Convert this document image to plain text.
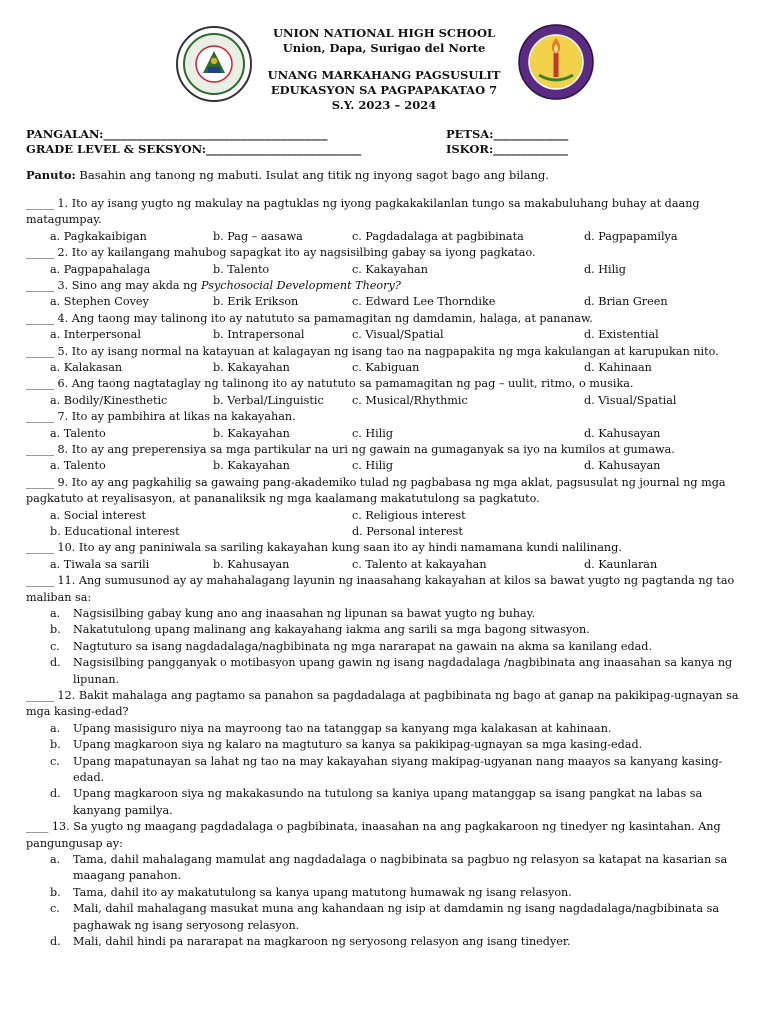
UNION NATIONAL HIGH SCHOOL
Union, Dapa, Surigao del Norte
UNANG MARKAHANG PAGSUSULIT
EDUKASYON SA PAGPAPAKATAO 7
S.Y. 2023 – 2024
PANGALAN:_______________________________________	PETSA:_____________
GRADE LEVEL & SEKSYON:___________________________	ISKOR:_____________
Panuto: Basahin ang tanong ng mabuti. Isulat ang titik ng inyong sagot bago ang bilang.

_____ 1. Ito ay isang yugto ng makulay na pagtuklas ng iyong pagkakakilanlan tungo sa makabuluhang buhay at daang matagumpay.

a. Pagkakaibigan	b. Pag – aasawa	c. Pagdadalaga at pagbibinata	d. Pagpapamilya

_____ 2. Ito ay kailangang mahubog sapagkat ito ay nagsisilbing gabay sa iyong pagkatao.

a. Pagpapahalaga	b. Talento	c. Kakayahan	d. Hilig

_____ 3. Sino ang may akda ng Psychosocial Development Theory?

a. Stephen Covey	b. Erik Erikson	c. Edward Lee Thorndike	d. Brian Green

_____ 4. Ang taong may talinong ito ay natututo sa pamamagitan ng damdamin, halaga, at pananaw.

a. Interpersonal	b. Intrapersonal	c. Visual/Spatial	d. Existential

_____ 5. Ito ay isang normal na katayuan at kalagayan ng isang tao na nagpapakita ng mga kakulangan at karupukan nito.

a. Kalakasan	b. Kakayahan	c. Kabiguan	d. Kahinaan

_____ 6. Ang taong nagtataglay ng talinong ito ay natututo sa pamamagitan ng pag – uulit, ritmo, o musika.

a. Bodily/Kinesthetic	b. Verbal/Linguistic	c. Musical/Rhythmic	d. Visual/Spatial

_____ 7. Ito ay pambihira at likas na kakayahan.

a. Talento	b. Kakayahan	c. Hilig	d. Kahusayan

_____ 8. Ito ay ang preperensiya sa mga partikular na uri ng gawain na gumaganyak sa iyo na kumilos at gumawa.

a. Talento	b. Kakayahan	c. Hilig	d. Kahusayan

_____ 9. Ito ay ang pagkahilig sa gawaing pang-akademiko tulad ng pagbabasa ng mga aklat, pagsusulat ng journal ng mga pagkatuto at reyalisasyon, at pananaliksik ng mga kaalamang makatutulong sa pagkatuto.

a. Social interest	c. Religious interest
b. Educational interest	d. Personal interest

_____ 10. Ito ay ang paniniwala sa sariling kakayahan kung saan ito ay hindi namamana kundi nalilinang.

a. Tiwala sa sarili	b. Kahusayan	c. Talento at kakayahan	d. Kaunlaran

_____ 11. Ang sumusunod ay ay mahahalagang layunin ng inaasahang kakayahan at kilos sa bawat yugto ng pagtanda ng tao maliban sa:

a.	Nagsisilbing gabay kung ano ang inaasahan ng lipunan sa bawat yugto ng buhay.
b.	Nakatutulong upang malinang ang kakayahang iakma ang sarili sa mga bagong sitwasyon.
c.	Nagtuturo sa isang nagdadalaga/nagbibinata ng mga nararapat na gawain na akma sa kanilang edad.
d.	Nagsisilbing pangganyak o motibasyon upang gawin ng isang nagdadalaga /nagbibinata ang inaasahan sa kanya ng lipunan.

_____ 12. Bakit mahalaga ang pagtamo sa panahon sa pagdadalaga at pagbibinata ng bago at ganap na pakikipag-ugnayan sa mga kasing-edad?

a.	Upang masisiguro niya na mayroong tao na tatanggap sa kanyang mga kalakasan at kahinaan.
b.	Upang magkaroon siya ng kalaro na magtuturo sa kanya sa pakikipag-ugnayan sa mga kasing-edad.
c.	Upang mapatunayan sa lahat ng tao na may kakayahan siyang makipag-ugyanan nang maayos sa kanyang kasing-edad.
d.	Upang magkaroon siya ng makakasundo na tutulong sa kaniya upang matanggap sa isang pangkat na labas sa kanyang pamilya.

____ 13. Sa yugto ng maagang pagdadalaga o pagbibinata, inaasahan na ang pagkakaroon ng tinedyer ng kasintahan. Ang pangungusap ay:

a.	Tama, dahil mahalagang mamulat ang nagdadalaga o nagbibinata sa pagbuo ng relasyon sa katapat na kasarian sa maagang panahon.
b.	Tama, dahil ito ay makatutulong sa kanya upang matutong humawak ng isang relasyon.
c.	Mali, dahil mahalagang masukat muna ang kahandaan ng isip at damdamin ng isang nagdadalaga/nagbibinata sa paghawak ng isang seryosong relasyon.
d.	Mali, dahil hindi pa nararapat na magkaroon ng seryosong relasyon ang isang tinedyer.
